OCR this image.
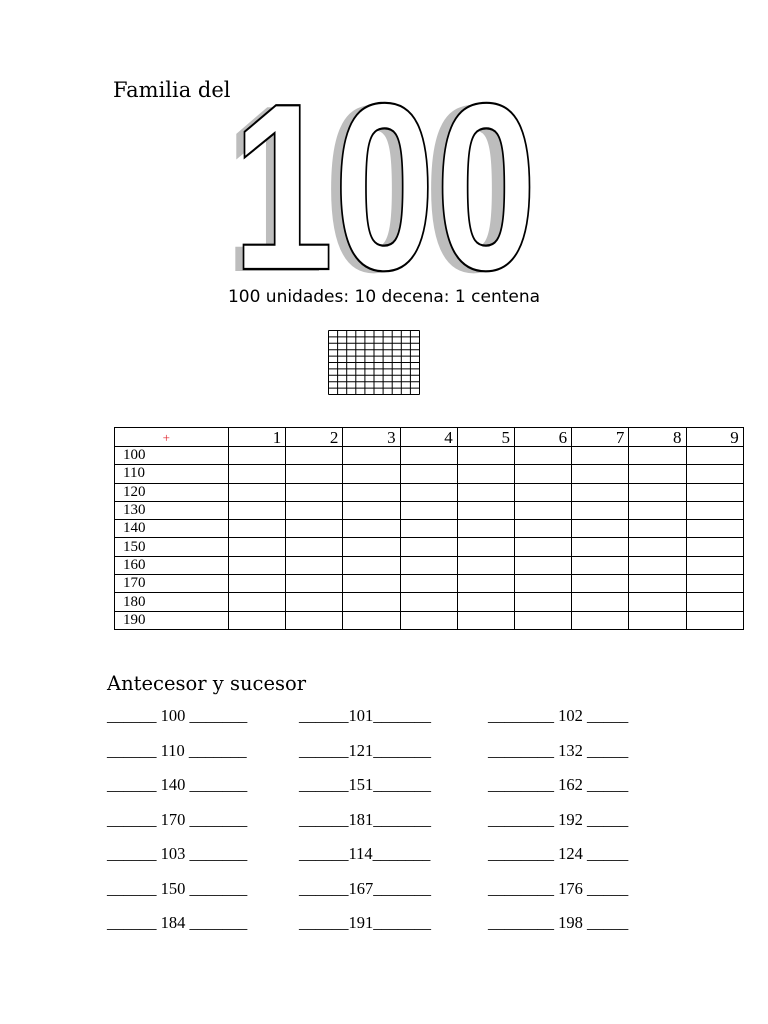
Familia del
100
100
100 unidades: 10 decena: 1 centena
+	1	2	3	4	5	6	7	8	9
100									
110									
120									
130									
140									
150									
160									
170									
180									
190									
Antecesor y sucesor
______ 100 _______	______101_______	________ 102 _____
______ 110 _______	______121_______	________ 132 _____
______ 140 _______	______151_______	________ 162 _____
______ 170 _______	______181_______	________ 192 _____
______ 103 _______	______114_______	________ 124 _____
______ 150 _______	______167_______	________ 176 _____
______ 184 _______	______191_______	________ 198 _____
